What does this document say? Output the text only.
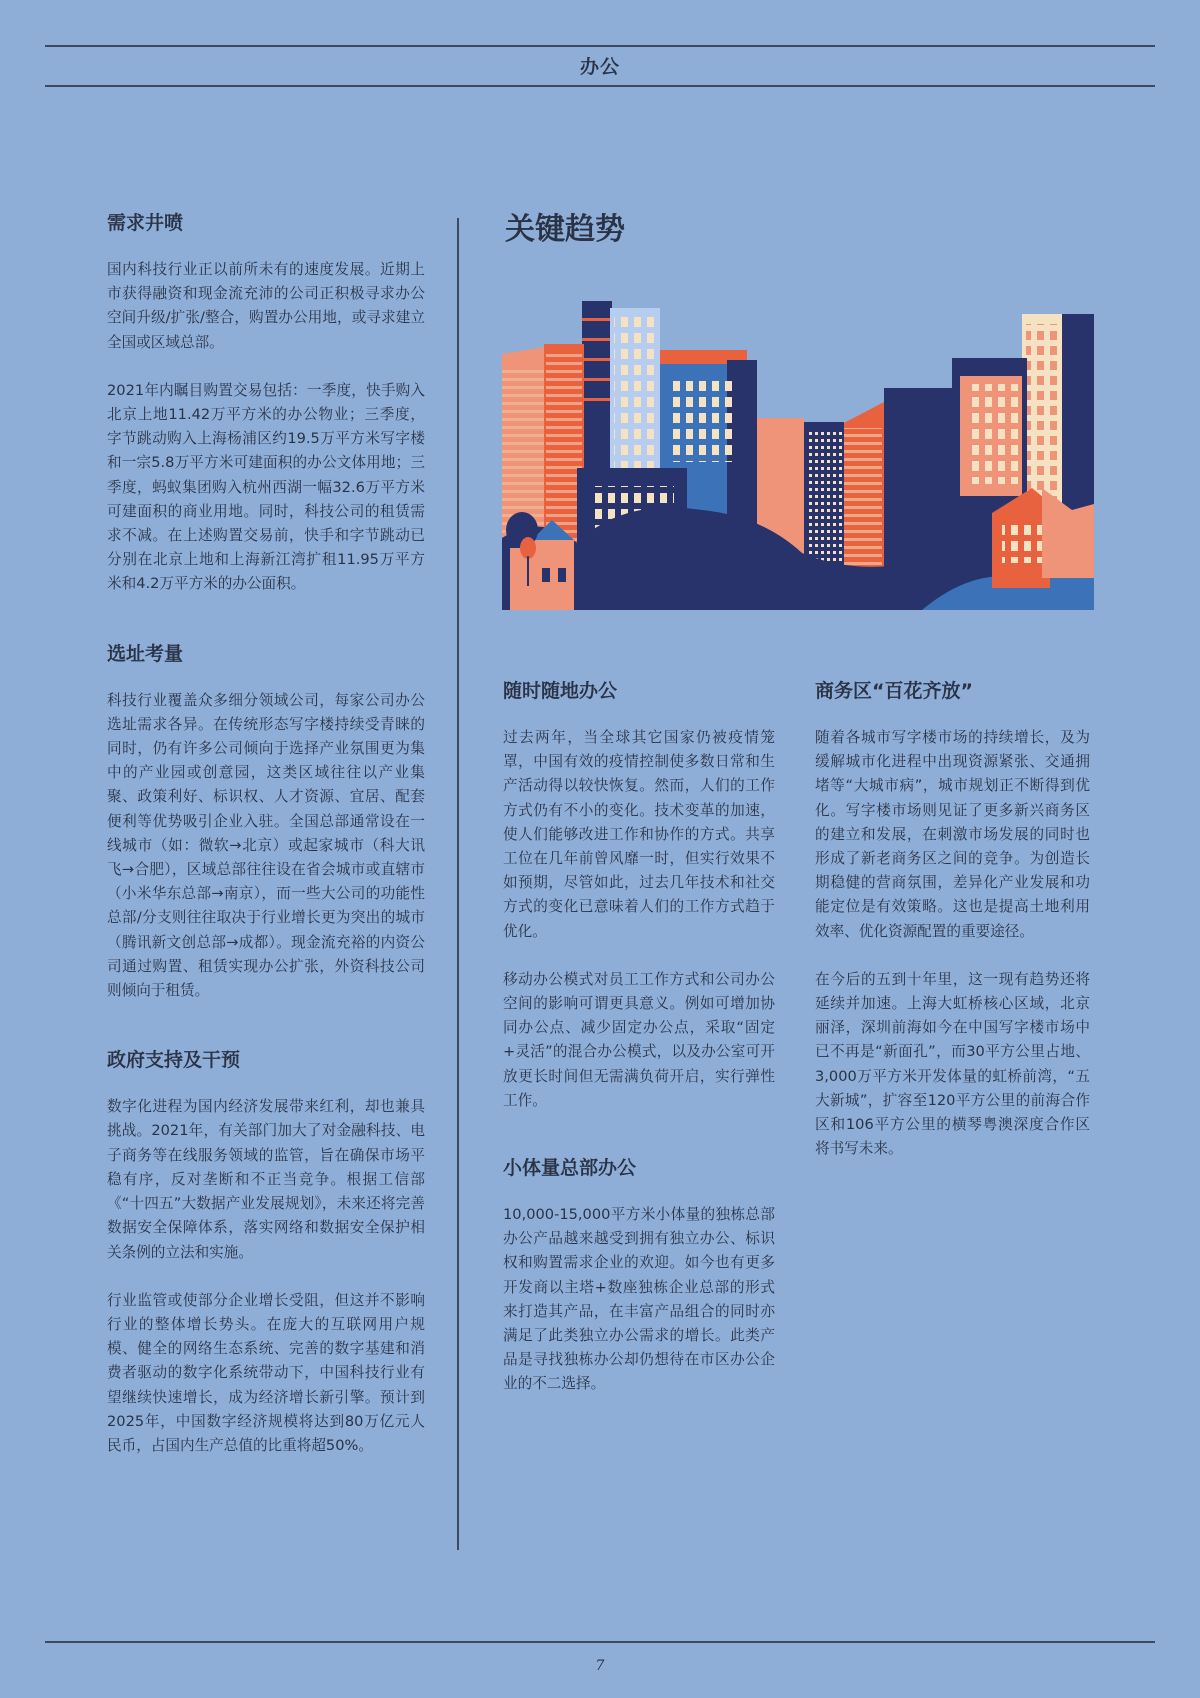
办公
需求井喷

国内科技行业正以前所未有的速度发展。近期上市获得融资和现金流充沛的公司正积极寻求办公空间升级/扩张/整合，购置办公用地，或寻求建立全国或区域总部。

2021年内瞩目购置交易包括：一季度，快手购入北京上地11.42万平方米的办公物业；三季度，字节跳动购入上海杨浦区约19.5万平方米写字楼和一宗5.8万平方米可建面积的办公文体用地；三季度，蚂蚁集团购入杭州西湖一幅32.6万平方米可建面积的商业用地。同时，科技公司的租赁需求不减。在上述购置交易前，快手和字节跳动已分别在北京上地和上海新江湾扩租11.95万平方米和4.2万平方米的办公面积。

选址考量

科技行业覆盖众多细分领域公司，每家公司办公选址需求各异。在传统形态写字楼持续受青睐的同时，仍有许多公司倾向于选择产业氛围更为集中的产业园或创意园，这类区域往往以产业集聚、政策利好、标识权、人才资源、宜居、配套便利等优势吸引企业入驻。全国总部通常设在一线城市（如：微软→北京）或起家城市（科大讯飞→合肥），区域总部往往设在省会城市或直辖市（小米华东总部→南京），而一些大公司的功能性总部/分支则往往取决于行业增长更为突出的城市（腾讯新文创总部→成都）。现金流充裕的内资公司通过购置、租赁实现办公扩张，外资科技公司则倾向于租赁。

政府支持及干预

数字化进程为国内经济发展带来红利，却也兼具挑战。2021年，有关部门加大了对金融科技、电子商务等在线服务领域的监管，旨在确保市场平稳有序，反对垄断和不正当竞争。根据工信部《“十四五”大数据产业发展规划》，未来还将完善数据安全保障体系，落实网络和数据安全保护相关条例的立法和实施。

行业监管或使部分企业增长受阻，但这并不影响行业的整体增长势头。在庞大的互联网用户规模、健全的网络生态系统、完善的数字基建和消费者驱动的数字化系统带动下，中国科技行业有望继续快速增长，成为经济增长新引擎。预计到2025年，中国数字经济规模将达到80万亿元人民币，占国内生产总值的比重将超50%。

关键趋势
随时随地办公

过去两年，当全球其它国家仍被疫情笼罩，中国有效的疫情控制使多数日常和生产活动得以较快恢复。然而，人们的工作方式仍有不小的变化。技术变革的加速，使人们能够改进工作和协作的方式。共享工位在几年前曾风靡一时，但实行效果不如预期，尽管如此，过去几年技术和社交方式的变化已意味着人们的工作方式趋于优化。

移动办公模式对员工工作方式和公司办公空间的影响可谓更具意义。例如可增加协同办公点、减少固定办公点，采取“固定+灵活”的混合办公模式，以及办公室可开放更长时间但无需满负荷开启，实行弹性工作。

小体量总部办公

10,000-15,000平方米小体量的独栋总部办公产品越来越受到拥有独立办公、标识权和购置需求企业的欢迎。如今也有更多开发商以主塔+数座独栋企业总部的形式来打造其产品，在丰富产品组合的同时亦满足了此类独立办公需求的增长。此类产品是寻找独栋办公却仍想待在市区办公企业的不二选择。

商务区“百花齐放”

随着各城市写字楼市场的持续增长，及为缓解城市化进程中出现资源紧张、交通拥堵等“大城市病”，城市规划正不断得到优化。写字楼市场则见证了更多新兴商务区的建立和发展，在刺激市场发展的同时也形成了新老商务区之间的竞争。为创造长期稳健的营商氛围，差异化产业发展和功能定位是有效策略。这也是提高土地利用效率、优化资源配置的重要途径。

在今后的五到十年里，这一现有趋势还将延续并加速。上海大虹桥核心区域，北京丽泽，深圳前海如今在中国写字楼市场中已不再是“新面孔”，而30平方公里占地、3,000万平方米开发体量的虹桥前湾，“五大新城”，扩容至120平方公里的前海合作区和106平方公里的横琴粤澳深度合作区将书写未来。

7
